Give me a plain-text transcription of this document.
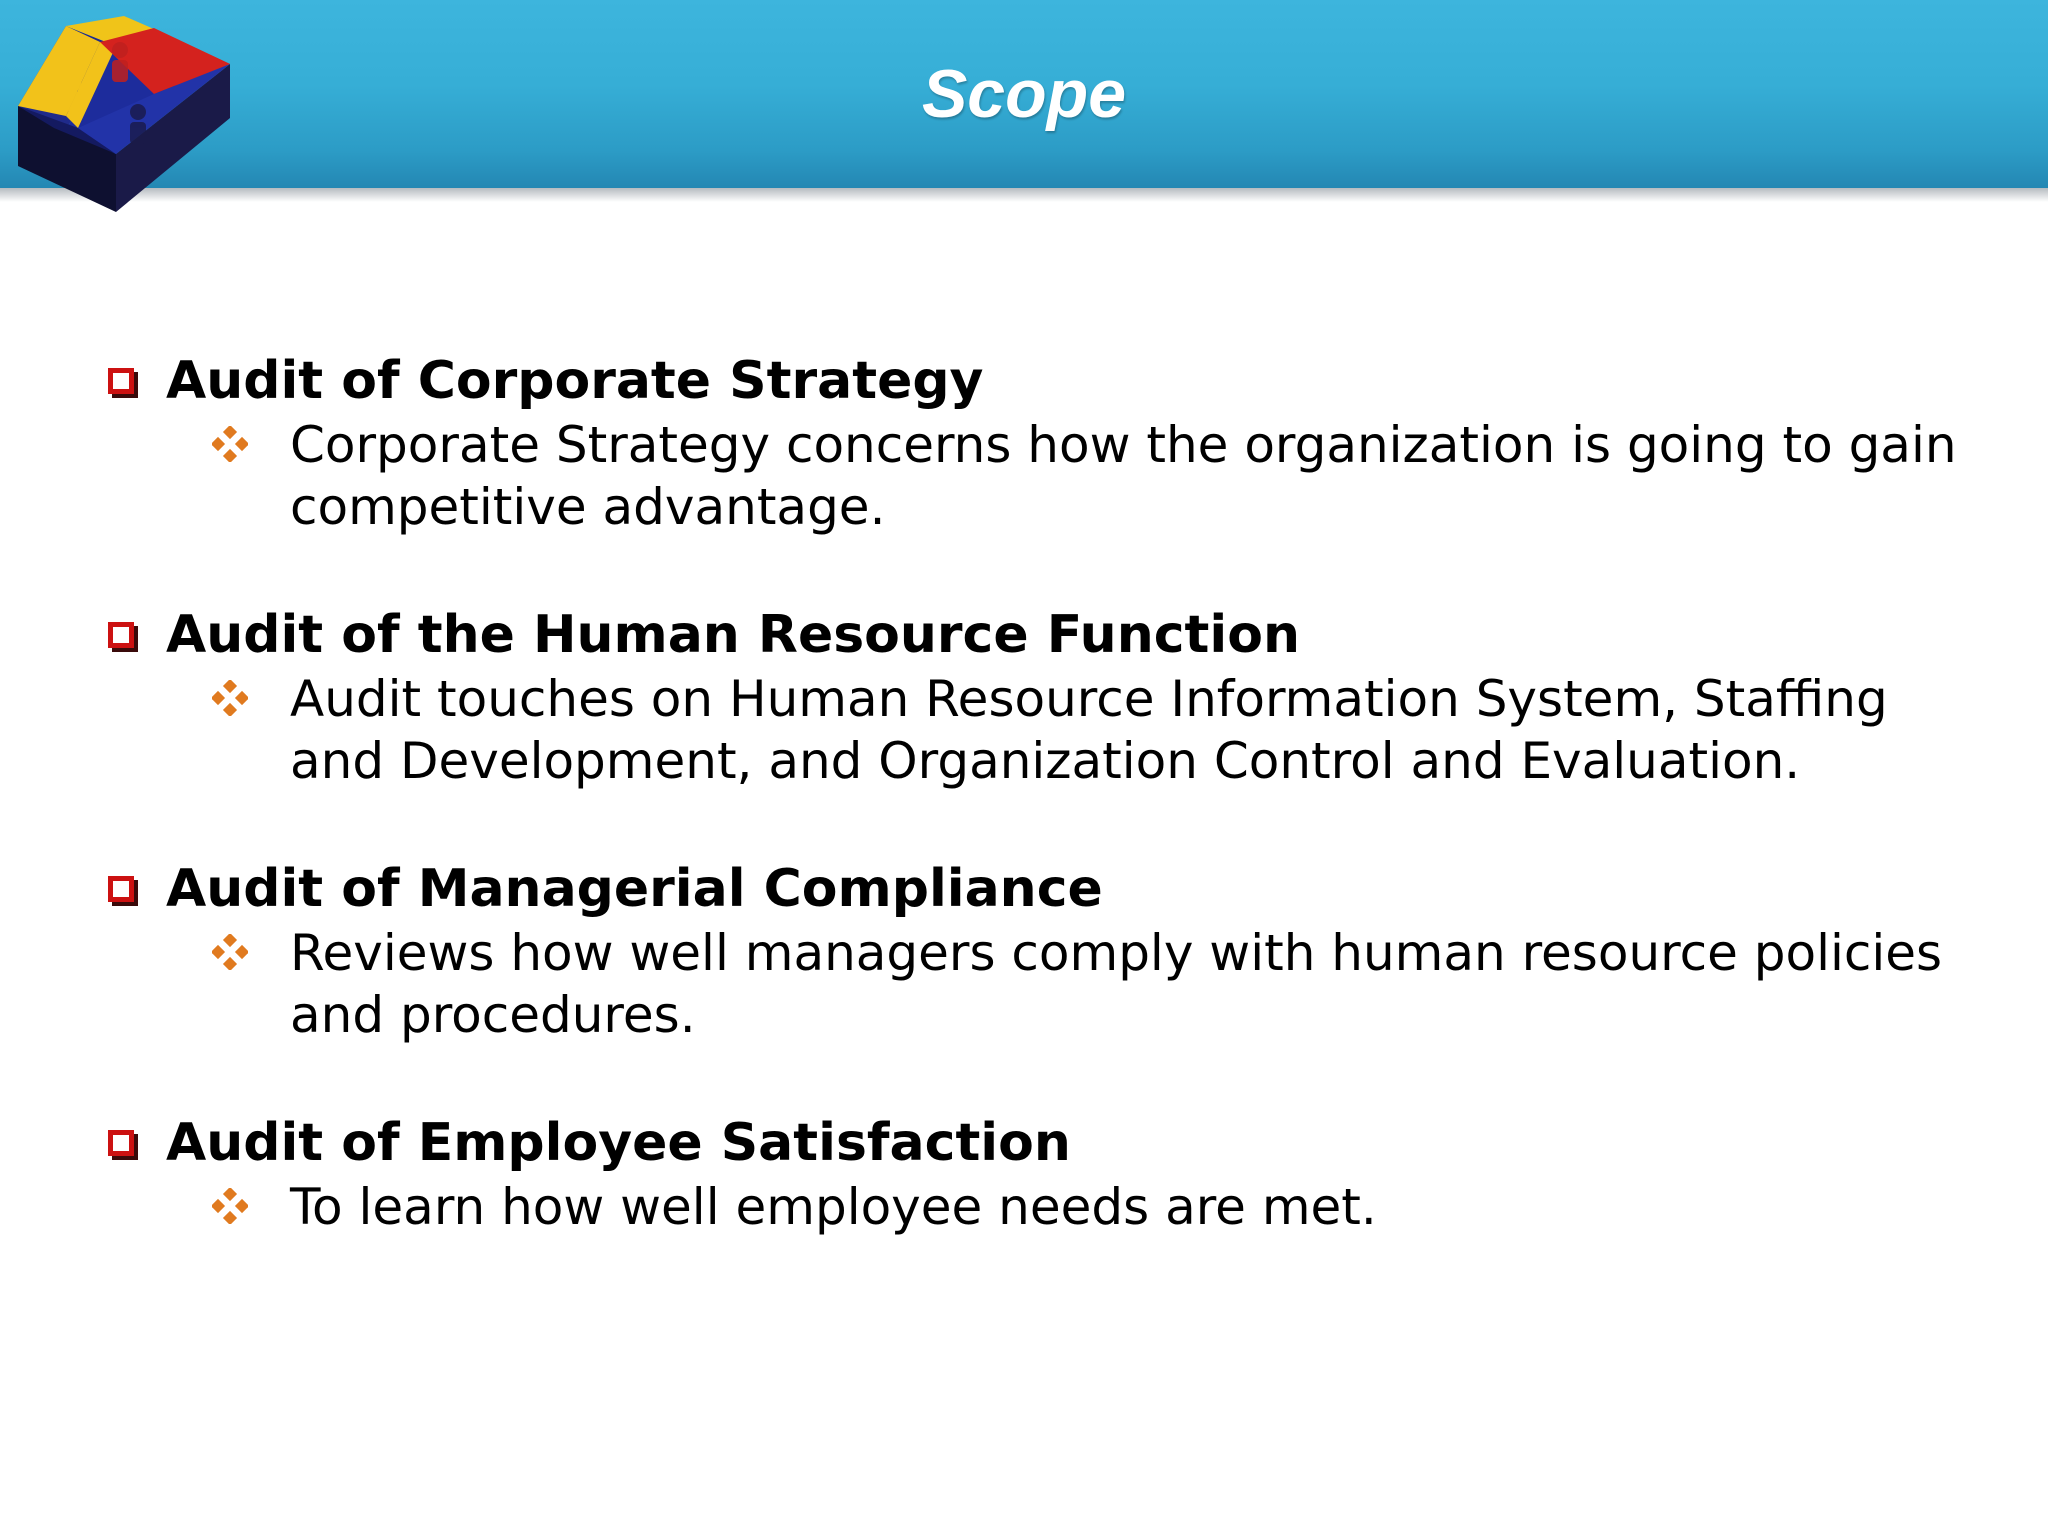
Scope
Audit of Corporate Strategy
Corporate Strategy concerns how the organization is going to gain competitive advantage.
Audit of the Human Resource Function
Audit touches on Human Resource Information System, Staffing and Development, and Organization Control and Evaluation.
Audit of Managerial Compliance
Reviews how well managers comply with human resource policies and procedures.
Audit of Employee Satisfaction
To learn how well employee needs are met.
